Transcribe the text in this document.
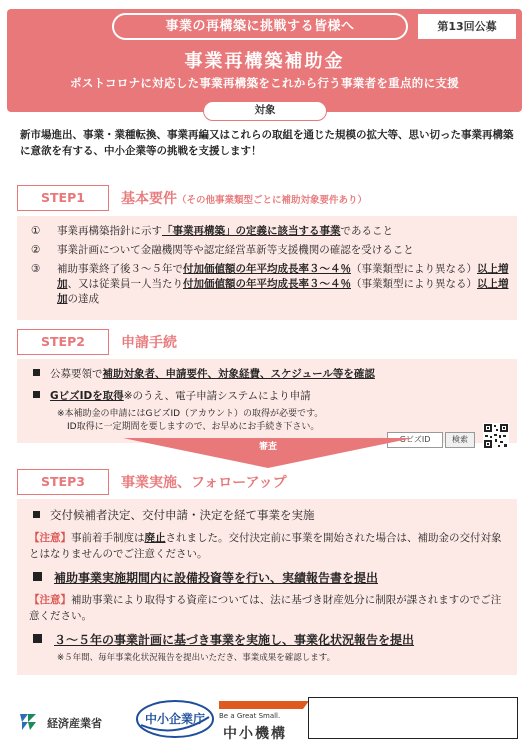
事業の再構築に挑戦する皆様へ	第13回公募
事業再構築補助金
ポストコロナに対応した事業再構築をこれから行う事業者を重点的に支援
対象
新市場進出、事業・業種転換、事業再編又はこれらの取組を通じた規模の拡大等、思い切った事業再構築に意欲を有する、中小企業等の挑戦を支援します！
STEP1	基本要件（その他事業類型ごとに補助対象要件あり）
① 事業再構築指針に示す「事業再構築」の定義に該当する事業であること
② 事業計画について金融機関等や認定経営革新等支援機関の確認を受けること
③ 補助事業終了後３～５年で付加価値額の年平均成長率３～４％（事業類型により異なる）以上増加、又は従業員一人当たり付加価値額の年平均成長率３～４％（事業類型により異なる）以上増加の達成
STEP2	申請手続
公募要領で補助対象者、申請要件、対象経費、スケジュール等を確認
GビズIDを取得※のうえ、電子申請システムにより申請
※本補助金の申請にはGビズID（アカウント）の取得が必要です。
ID取得に一定期間を要しますので、お早めにお手続き下さい。
GビズID	検索
審査
STEP3	事業実施、フォローアップ
交付候補者決定、交付申請・決定を経て事業を実施
【注意】事前着手制度は廃止されました。交付決定前に事業を開始された場合は、補助金の交付対象とはなりませんのでご注意ください。
補助事業実施期間内に設備投資等を行い、実績報告書を提出
【注意】補助事業により取得する資産については、法に基づき財産処分に制限が課されますのでご注意ください。
３～５年の事業計画に基づき事業を実施し、事業化状況報告を提出
※５年間、毎年事業化状況報告を提出いただき、事業成果を確認します。
経済産業省	中小企業庁 Be a Great Small.
中小機構
